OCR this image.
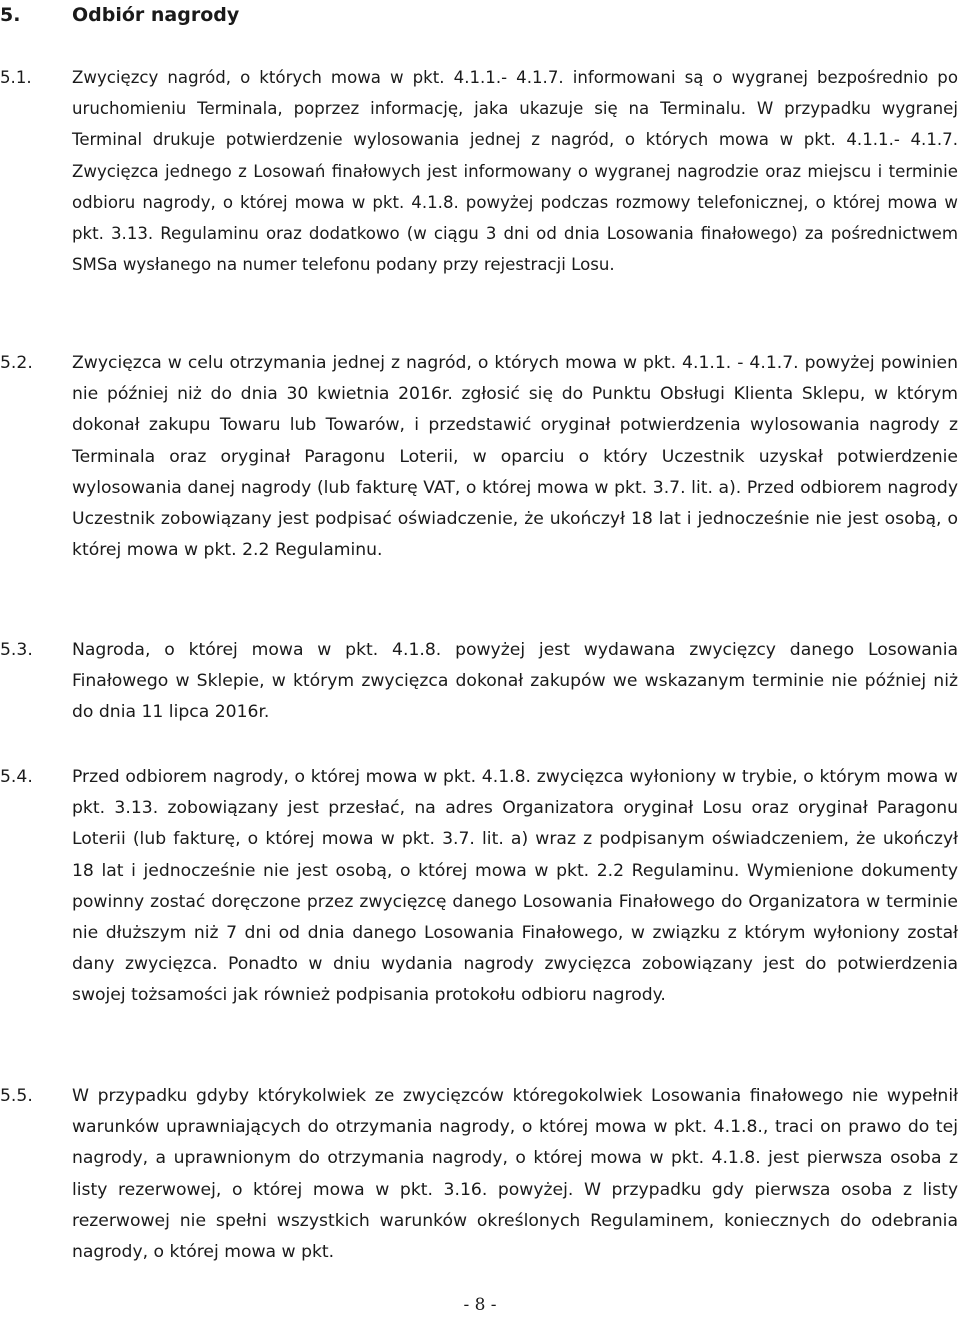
5.	Odbiór nagrody
5.1.	Zwycięzcy nagród, o których mowa w pkt. 4.1.1.- 4.1.7. informowani są o wygranej bezpośrednio po uruchomieniu Terminala, poprzez informację, jaka ukazuje się na Terminalu. W przypadku wygranej Terminal drukuje potwierdzenie wylosowania jednej z nagród, o których mowa w pkt. 4.1.1.- 4.1.7. Zwycięzca jednego z Losowań finałowych jest informowany o wygranej nagrodzie oraz miejscu i terminie odbioru nagrody, o której mowa w pkt. 4.1.8. powyżej podczas rozmowy telefonicznej, o której mowa w pkt. 3.13. Regulaminu oraz dodatkowo (w ciągu 3 dni od dnia Losowania finałowego) za pośrednictwem SMSa wysłanego na numer telefonu podany przy rejestracji Losu.

5.2.	Zwycięzca w celu otrzymania jednej z nagród, o których mowa w pkt. 4.1.1. - 4.1.7. powyżej powinien nie później niż do dnia 30 kwietnia 2016r. zgłosić się do Punktu Obsługi Klienta Sklepu, w którym dokonał zakupu Towaru lub Towarów, i przedstawić oryginał potwierdzenia wylosowania nagrody z Terminala oraz oryginał Paragonu Loterii, w oparciu o który Uczestnik uzyskał potwierdzenie wylosowania danej nagrody (lub fakturę VAT, o której mowa w pkt. 3.7. lit. a). Przed odbiorem nagrody Uczestnik zobowiązany jest podpisać oświadczenie, że ukończył 18 lat i jednocześnie nie jest osobą, o której mowa w pkt. 2.2 Regulaminu.

5.3.	Nagroda, o której mowa w pkt. 4.1.8. powyżej jest wydawana zwycięzcy danego Losowania Finałowego w Sklepie, w którym zwycięzca dokonał zakupów we wskazanym terminie nie później niż do dnia 11 lipca 2016r.

5.4.	Przed odbiorem nagrody, o której mowa w pkt. 4.1.8. zwycięzca wyłoniony w trybie, o którym mowa w pkt. 3.13. zobowiązany jest przesłać, na adres Organizatora oryginał Losu oraz oryginał Paragonu Loterii (lub fakturę, o której mowa w pkt. 3.7. lit. a) wraz z podpisanym oświadczeniem, że ukończył 18 lat i jednocześnie nie jest osobą, o której mowa w pkt. 2.2 Regulaminu. Wymienione dokumenty powinny zostać doręczone przez zwycięzcę danego Losowania Finałowego do Organizatora w terminie nie dłuższym niż 7 dni od dnia danego Losowania Finałowego, w związku z którym wyłoniony został dany zwycięzca. Ponadto w dniu wydania nagrody zwycięzca zobowiązany jest do potwierdzenia swojej tożsamości jak również podpisania protokołu odbioru nagrody.

5.5.	W przypadku gdyby którykolwiek ze zwycięzców któregokolwiek Losowania finałowego nie wypełnił warunków uprawniających do otrzymania nagrody, o której mowa w pkt. 4.1.8., traci on prawo do tej nagrody, a uprawnionym do otrzymania nagrody, o której mowa w pkt. 4.1.8. jest pierwsza osoba z listy rezerwowej, o której mowa w pkt. 3.16. powyżej. W przypadku gdy pierwsza osoba z listy rezerwowej nie spełni wszystkich warunków określonych Regulaminem, koniecznych do odebrania nagrody, o której mowa w pkt.

- 8 -
